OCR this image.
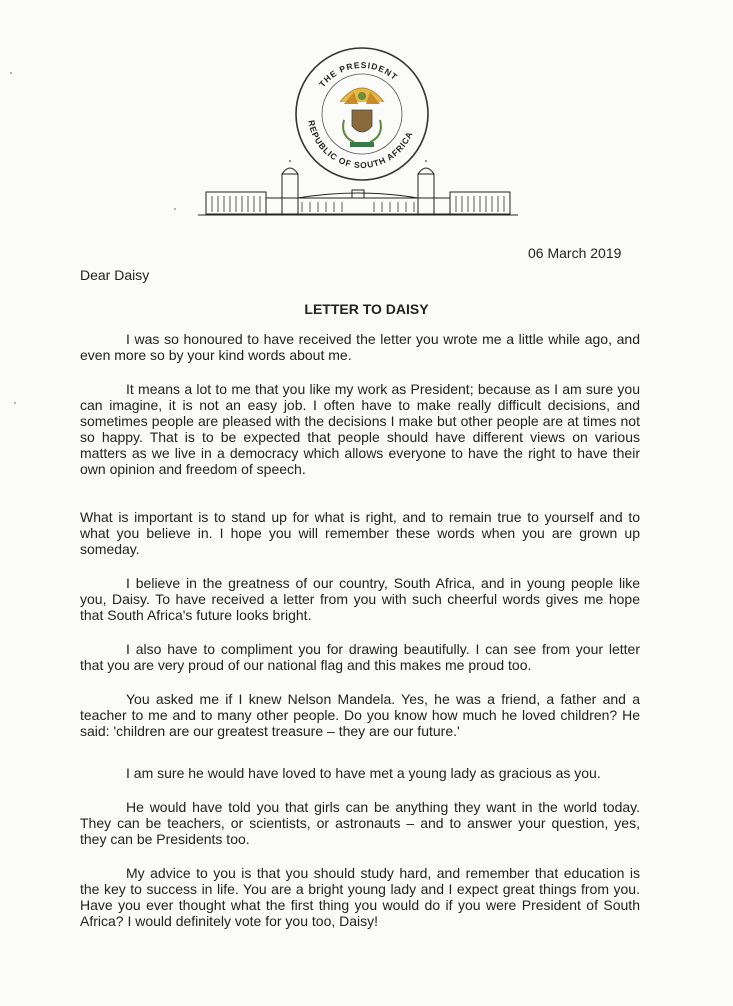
THE PRESIDENT
REPUBLIC OF SOUTH AFRICA
06 March 2019
Dear Daisy
LETTER TO DAISY
I was so honoured to have received the letter you wrote me a little while ago, and even more so by your kind words about me.
It means a lot to me that you like my work as President; because as I am sure you can imagine, it is not an easy job. I often have to make really difficult decisions, and sometimes people are pleased with the decisions I make but other people are at times not so happy. That is to be expected that people should have different views on various matters as we live in a democracy which allows everyone to have the right to have their own opinion and freedom of speech.
What is important is to stand up for what is right, and to remain true to yourself and to what you believe in. I hope you will remember these words when you are grown up someday.
I believe in the greatness of our country, South Africa, and in young people like you, Daisy. To have received a letter from you with such cheerful words gives me hope that South Africa's future looks bright.
I also have to compliment you for drawing beautifully. I can see from your letter that you are very proud of our national flag and this makes me proud too.
You asked me if I knew Nelson Mandela. Yes, he was a friend, a father and a teacher to me and to many other people. Do you know how much he loved children? He said: 'children are our greatest treasure – they are our future.'
I am sure he would have loved to have met a young lady as gracious as you.
He would have told you that girls can be anything they want in the world today. They can be teachers, or scientists, or astronauts – and to answer your question, yes, they can be Presidents too.
My advice to you is that you should study hard, and remember that education is the key to success in life. You are a bright young lady and I expect great things from you. Have you ever thought what the first thing you would do if you were President of South Africa? I would definitely vote for you too, Daisy!
